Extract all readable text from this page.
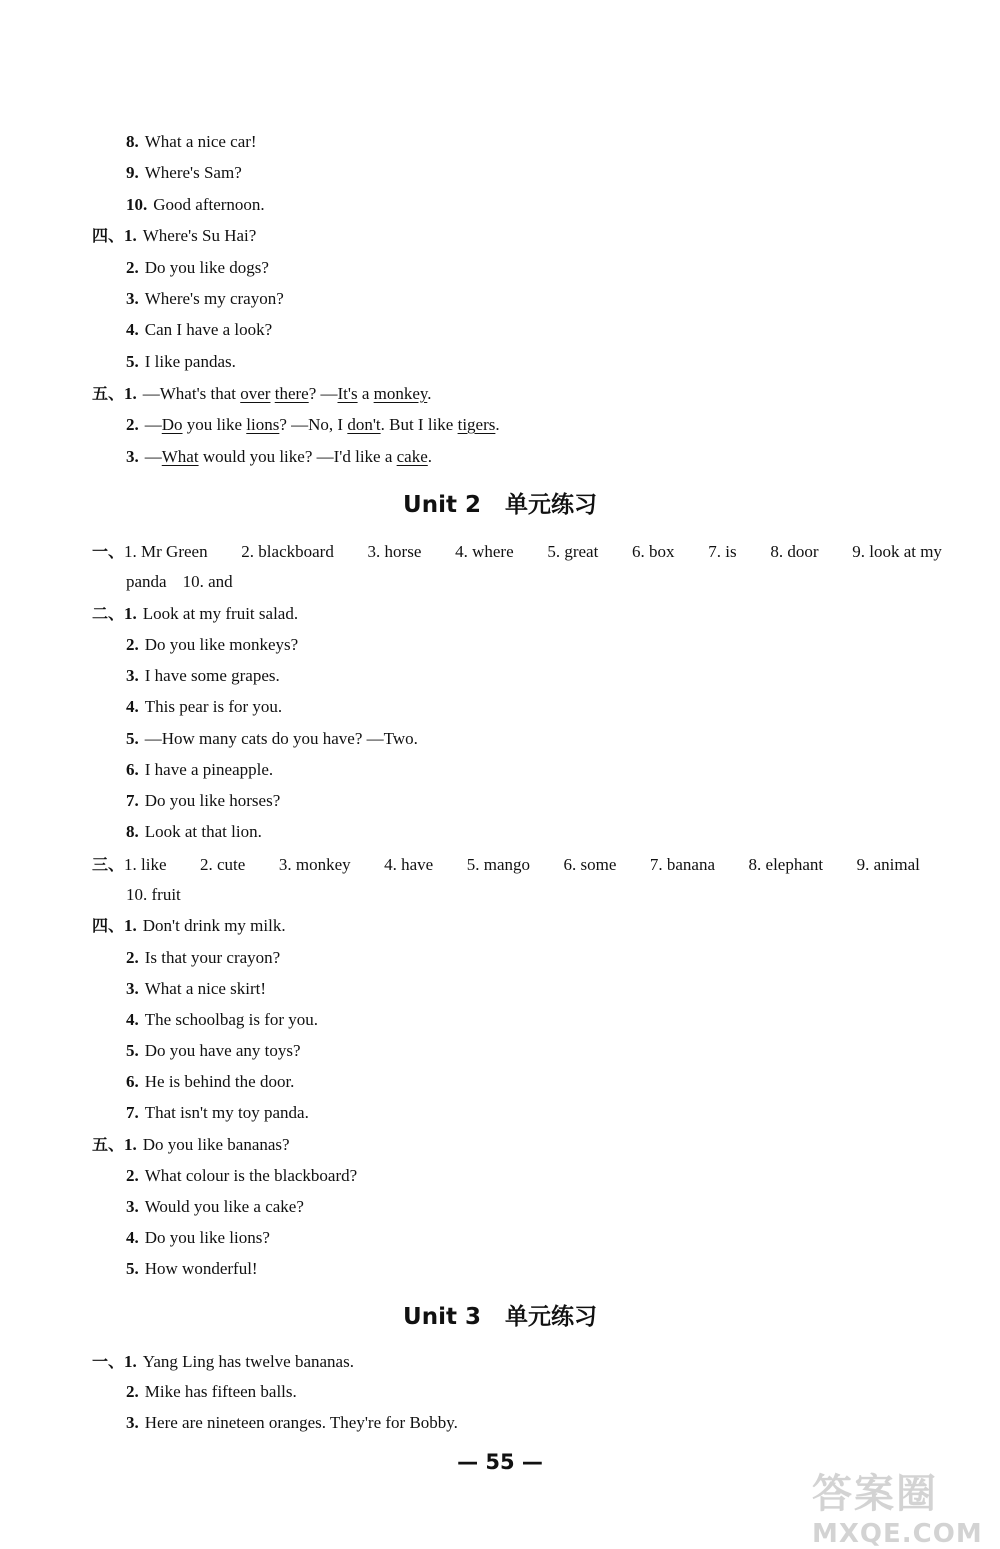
8. What a nice car!
9. Where's Sam?
10. Good afternoon.
四、1. Where's Su Hai?
2. Do you like dogs?
3. Where's my crayon?
4. Can I have a look?
5. I like pandas.
五、1. —What's that over there? —It's a monkey.
2. —Do you like lions? —No, I don't. But I like tigers.
3. —What would you like? —I'd like a cake.
Unit 2 单元练习
一、1. Mr Green 2. blackboard 3. horse 4. where 5. great 6. box 7. is 8. door 9. look at my
panda 10. and
二、1. Look at my fruit salad.
2. Do you like monkeys?
3. I have some grapes.
4. This pear is for you.
5. —How many cats do you have? —Two.
6. I have a pineapple.
7. Do you like horses?
8. Look at that lion.
三、1. like 2. cute 3. monkey 4. have 5. mango 6. some 7. banana 8. elephant 9. animal
10. fruit
四、1. Don't drink my milk.
2. Is that your crayon?
3. What a nice skirt!
4. The schoolbag is for you.
5. Do you have any toys?
6. He is behind the door.
7. That isn't my toy panda.
五、1. Do you like bananas?
2. What colour is the blackboard?
3. Would you like a cake?
4. Do you like lions?
5. How wonderful!
Unit 3 单元练习
一、1. Yang Ling has twelve bananas.
2. Mike has fifteen balls.
3. Here are nineteen oranges. They're for Bobby.
— 55 —
答案圈
MXQE.COM
